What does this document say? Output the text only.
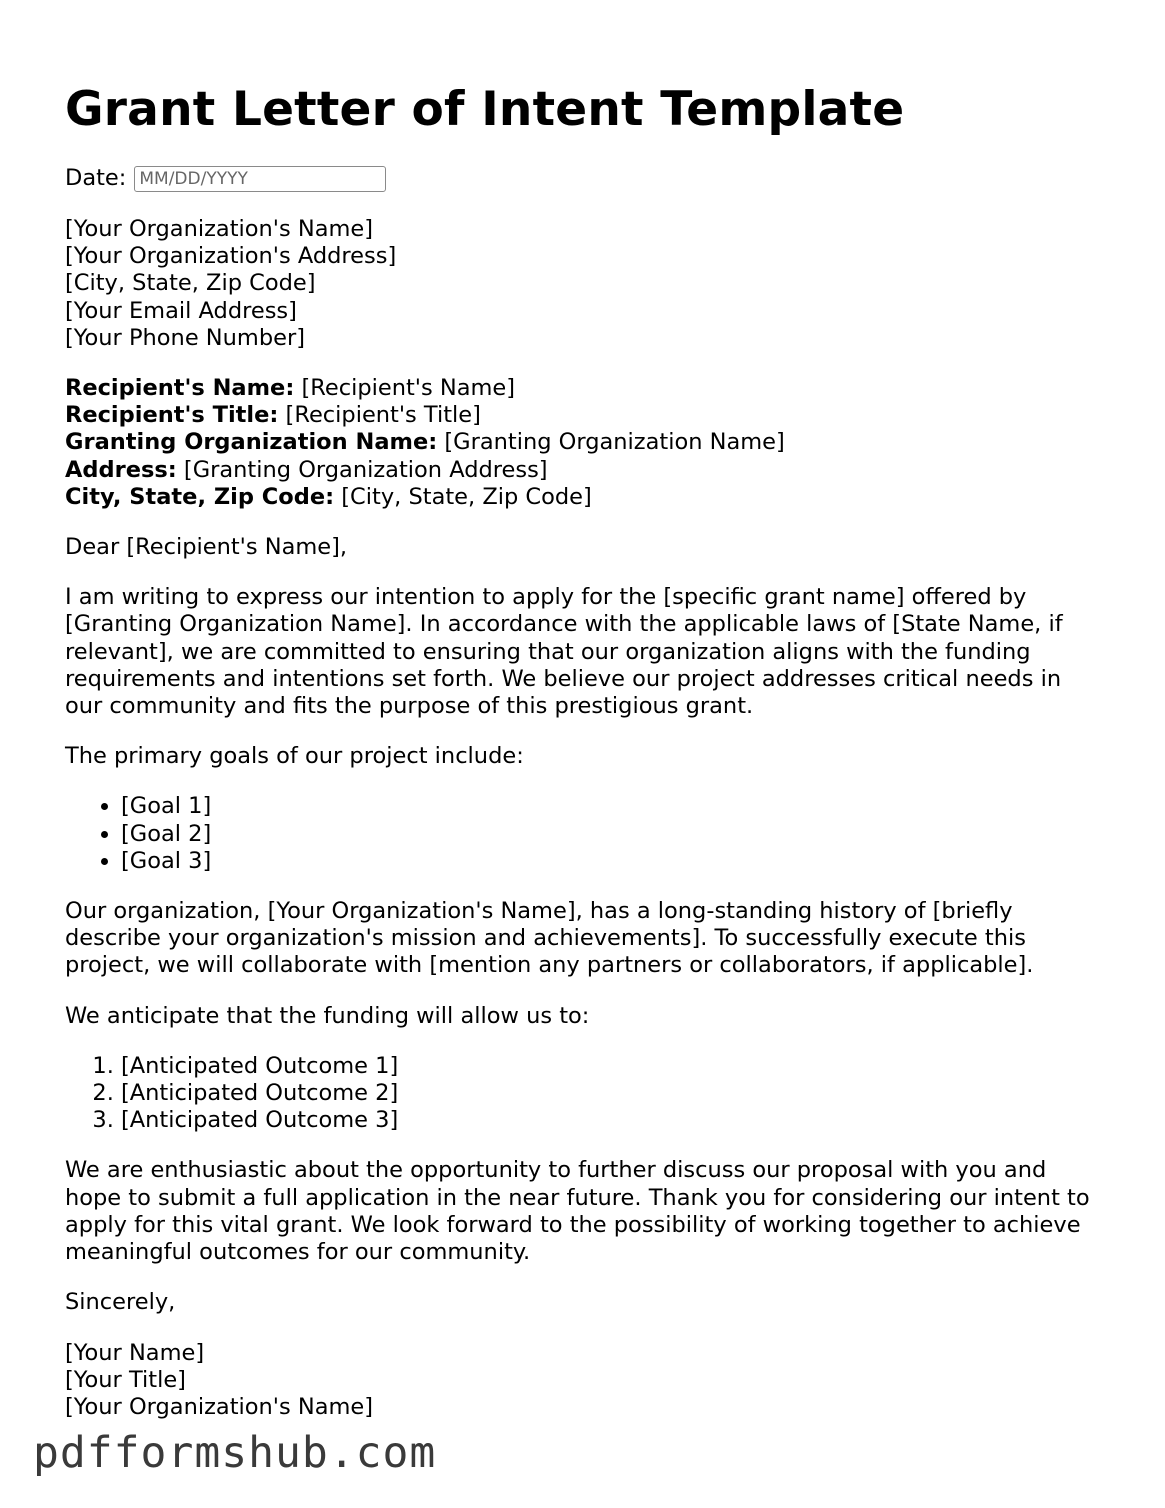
Grant Letter of Intent Template
Date:
MM/DD/YYYY
[Your Organization's Name]
[Your Organization's Address]
[City, State, Zip Code]
[Your Email Address]
[Your Phone Number]
Recipient's Name: [Recipient's Name]
Recipient's Title: [Recipient's Title]
Granting Organization Name: [Granting Organization Name]
Address: [Granting Organization Address]
City, State, Zip Code: [City, State, Zip Code]

Dear [Recipient's Name],

I am writing to express our intention to apply for the [specific grant name] offered by
[Granting Organization Name]. In accordance with the applicable laws of [State Name, if
relevant], we are committed to ensuring that our organization aligns with the funding
requirements and intentions set forth. We believe our project addresses critical needs in
our community and fits the purpose of this prestigious grant.

The primary goals of our project include:

• [Goal 1]
• [Goal 2]
• [Goal 3]

Our organization, [Your Organization's Name], has a long-standing history of [briefly
describe your organization's mission and achievements]. To successfully execute this
project, we will collaborate with [mention any partners or collaborators, if applicable].

We anticipate that the funding will allow us to:

1. [Anticipated Outcome 1]
2. [Anticipated Outcome 2]
3. [Anticipated Outcome 3]

We are enthusiastic about the opportunity to further discuss our proposal with you and
hope to submit a full application in the near future. Thank you for considering our intent to
apply for this vital grant. We look forward to the possibility of working together to achieve
meaningful outcomes for our community.

Sincerely,

[Your Name]
[Your Title]
[Your Organization's Name]
pdfformshub.com
